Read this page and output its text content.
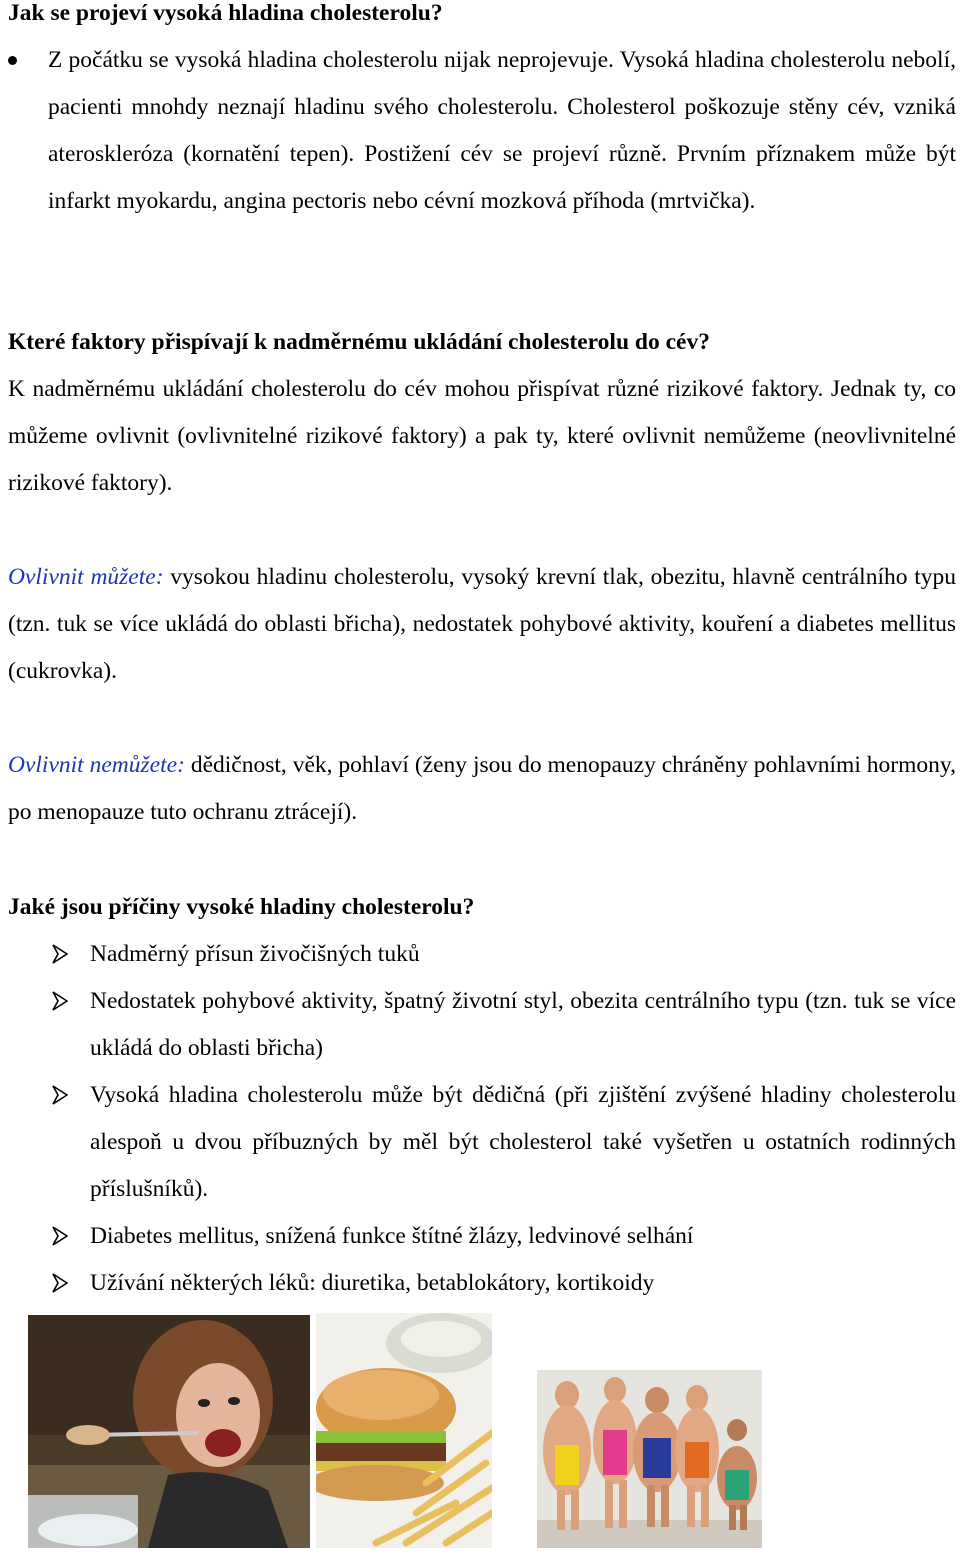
Jak se projeví vysoká hladina cholesterolu?

Z počátku se vysoká hladina cholesterolu nijak neprojevuje. Vysoká hladina cholesterolu nebolí, pacienti mnohdy neznají hladinu svého cholesterolu. Cholesterol poškozuje stěny cév, vzniká ateroskleróza (kornatění tepen). Postižení cév se projeví různě. Prvním příznakem může být infarkt myokardu, angina pectoris nebo cévní mozková příhoda (mrtvička).

Které faktory přispívají k nadměrnému ukládání cholesterolu do cév?

K nadměrnému ukládání cholesterolu do cév mohou přispívat různé rizikové faktory. Jednak ty, co můžeme ovlivnit (ovlivnitelné rizikové faktory) a pak ty, které ovlivnit nemůžeme (neovlivnitelné rizikové faktory).

Ovlivnit můžete: vysokou hladinu cholesterolu, vysoký krevní tlak, obezitu, hlavně centrálního typu (tzn. tuk se více ukládá do oblasti břicha), nedostatek pohybové aktivity, kouření a diabetes mellitus (cukrovka).

Ovlivnit nemůžete: dědičnost, věk, pohlaví (ženy jsou do menopauzy chráněny pohlavními hormony, po menopauze tuto ochranu ztrácejí).

Jaké jsou příčiny vysoké hladiny cholesterolu?

Nadměrný přísun živočišných tuků

Nedostatek pohybové aktivity, špatný životní styl, obezita centrálního typu (tzn. tuk se více ukládá do oblasti břicha)

Vysoká hladina cholesterolu může být dědičná (při zjištění zvýšené hladiny cholesterolu alespoň u dvou příbuzných by měl být cholesterol také vyšetřen u ostatních rodinných příslušníků).

Diabetes mellitus, snížená funkce štítné žlázy, ledvinové selhání

Užívání některých léků: diuretika, betablokátory, kortikoidy
